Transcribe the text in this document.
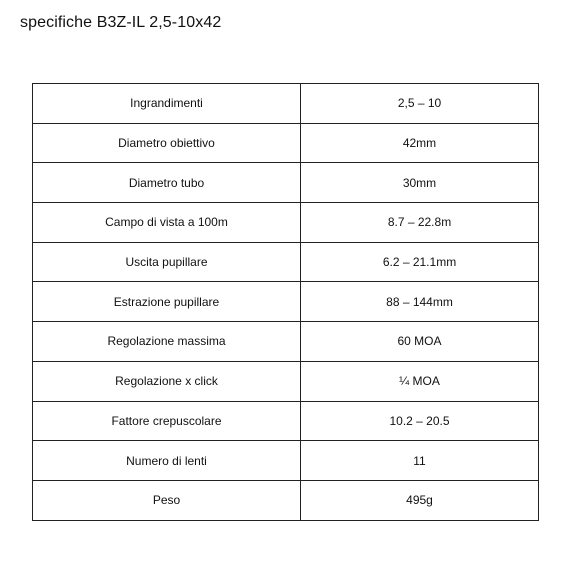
specifiche B3Z-IL 2,5-10x42
Ingrandimenti	2,5 – 10
Diametro obiettivo	42mm
Diametro tubo	30mm
Campo di vista a 100m	8.7 – 22.8m
Uscita pupillare	6.2 – 21.1mm
Estrazione pupillare	88 – 144mm
Regolazione massima	60 MOA
Regolazione x click	¼ MOA
Fattore crepuscolare	10.2 – 20.5
Numero di lenti	11
Peso	495g
